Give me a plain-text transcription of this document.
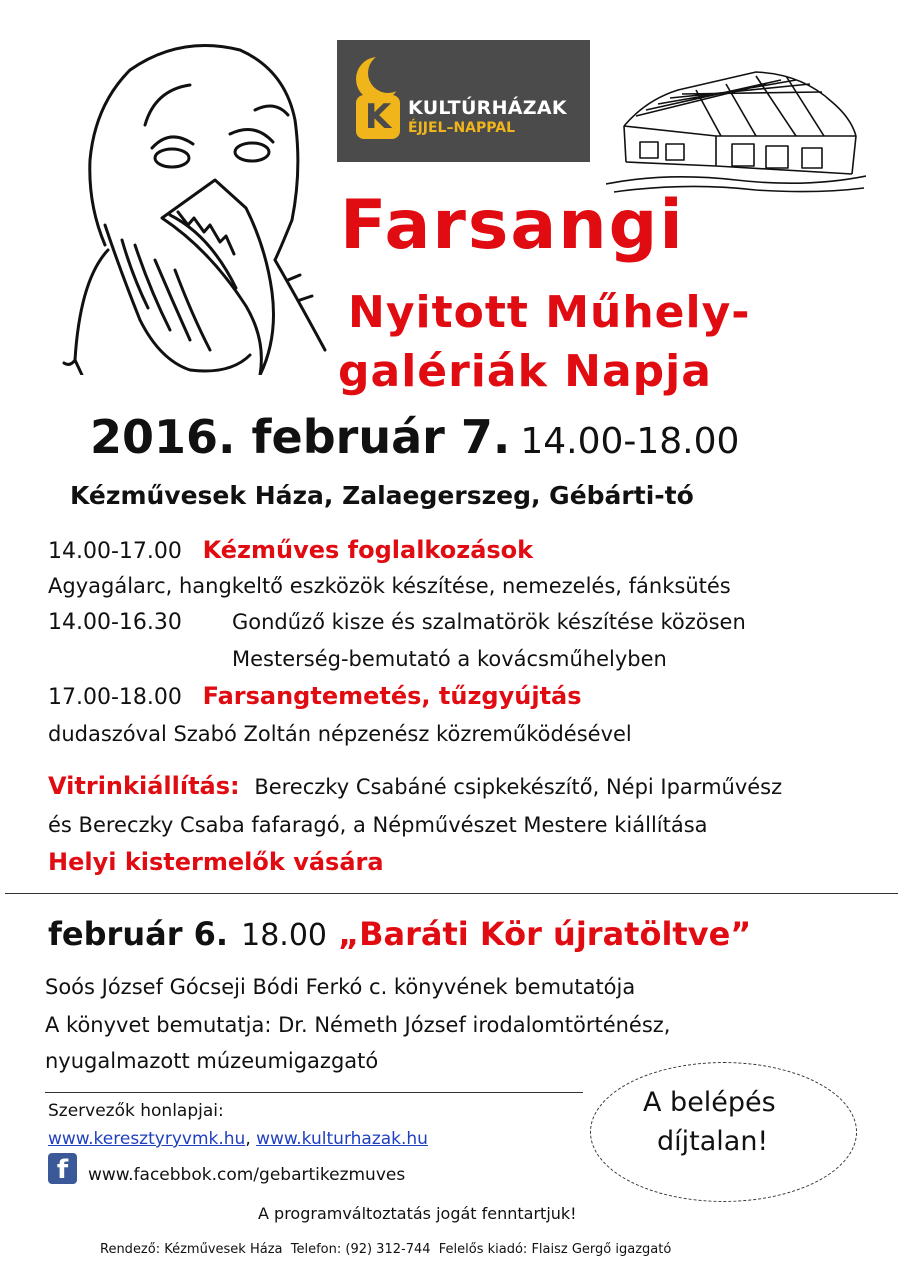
K KULTÚRHÁZAK
ÉJJEL–NAPPAL
Farsangi
Nyitott Műhely-
galériák Napja
2016. február 7. 14.00-18.00
Kézművesek Háza, Zalaegerszeg, Gébárti-tó
14.00-17.00 Kézműves foglalkozások
Agyagálarc, hangkeltő eszközök készítése, nemezelés, fánksütés
14.00-16.30 Gondűző kisze és szalmatörök készítése közösen
Mesterség-bemutató a kovácsműhelyben
17.00-18.00 Farsangtemetés, tűzgyújtás
dudaszóval Szabó Zoltán népzenész közreműködésével
Vitrinkiállítás: Bereczky Csabáné csipkekészítő, Népi Iparművész
és Bereczky Csaba fafaragó, a Népművészet Mestere kiállítása
Helyi kistermelők vására
február 6. 18.00 „Baráti Kör újratöltve”
Soós József Gócseji Bódi Ferkó c. könyvének bemutatója
A könyvet bemutatja: Dr. Németh József irodalomtörténész,
nyugalmazott múzeumigazgató
Szervezők honlapjai:
www.keresztyryvmk.hu, www.kulturhazak.hu
f	www.facebbok.com/gebartikezmuves
A belépés
díjtalan!
A programváltoztatás jogát fenntartjuk!
Rendező: Kézművesek Háza  Telefon: (92) 312-744  Felelős kiadó: Flaisz Gergő igazgató
